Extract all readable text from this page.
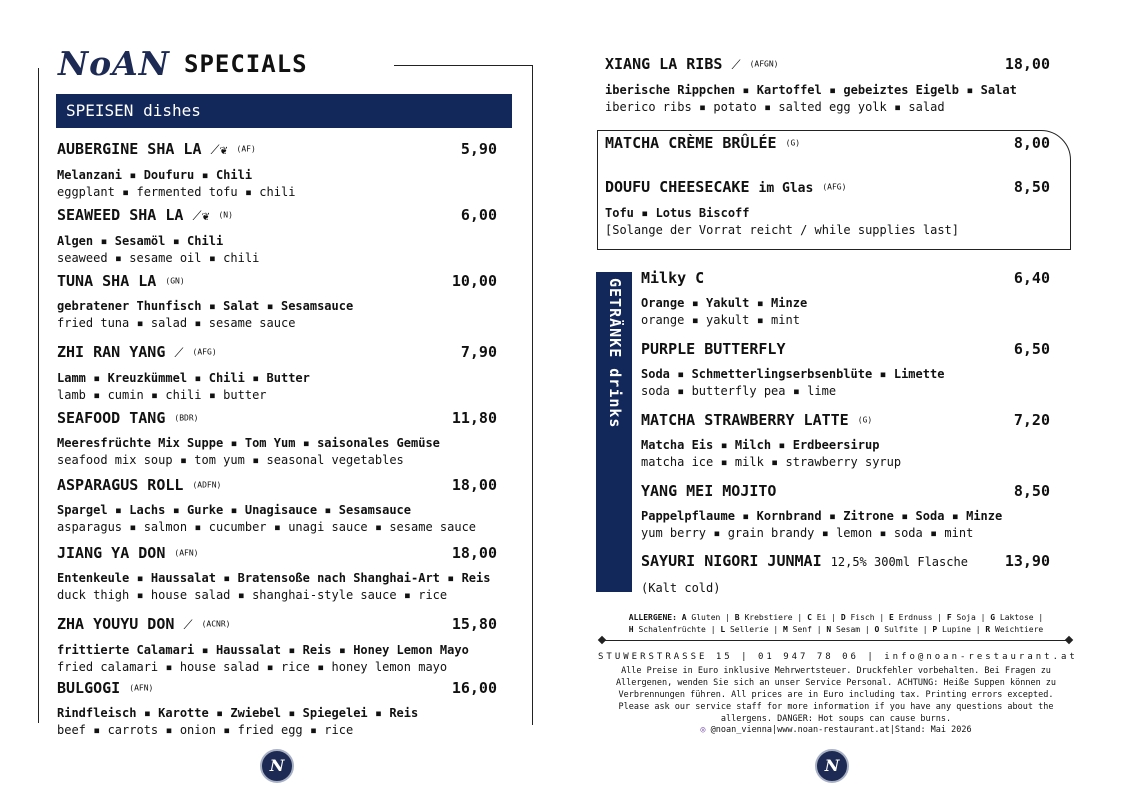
NoAN SPECIALS
SPEISEN dishes
AUBERGINE SHA LA ⟋❦ (AF)	5,90
Melanzani ▪ Doufuru ▪ Chili
eggplant ▪ fermented tofu ▪ chili
SEAWEED SHA LA ⟋❦ (N)	6,00
Algen ▪ Sesamöl ▪ Chili
seaweed ▪ sesame oil ▪ chili
TUNA SHA LA (GN)	10,00
gebratener Thunfisch ▪ Salat ▪ Sesamsauce
fried tuna ▪ salad ▪ sesame sauce
ZHI RAN YANG ⟋ (AFG)	7,90
Lamm ▪ Kreuzkümmel ▪ Chili ▪ Butter
lamb ▪ cumin ▪ chili ▪ butter
SEAFOOD TANG (BDR)	11,80
Meeresfrüchte Mix Suppe ▪ Tom Yum ▪ saisonales Gemüse
seafood mix soup ▪ tom yum ▪ seasonal vegetables
ASPARAGUS ROLL (ADFN)	18,00
Spargel ▪ Lachs ▪ Gurke ▪ Unagisauce ▪ Sesamsauce
asparagus ▪ salmon ▪ cucumber ▪ unagi sauce ▪ sesame sauce
JIANG YA DON (AFN)	18,00
Entenkeule ▪ Haussalat ▪ Bratensoße nach Shanghai-Art ▪ Reis
duck thigh ▪ house salad ▪ shanghai-style sauce ▪ rice
ZHA YOUYU DON ⟋ (ACNR)	15,80
frittierte Calamari ▪ Haussalat ▪ Reis ▪ Honey Lemon Mayo
fried calamari ▪ house salad ▪ rice ▪ honey lemon mayo
BULGOGI (AFN)	16,00
Rindfleisch ▪ Karotte ▪ Zwiebel ▪ Spiegelei ▪ Reis
beef ▪ carrots ▪ onion ▪ fried egg ▪ rice
XIANG LA RIBS ⟋ (AFGN)	18,00
iberische Rippchen ▪ Kartoffel ▪ gebeiztes Eigelb ▪ Salat
iberico ribs ▪ potato ▪ salted egg yolk ▪ salad
MATCHA CRÈME BRÛLÉE (G)	8,00
DOUFU CHEESECAKE im Glas (AFG)	8,50
Tofu ▪ Lotus Biscoff
[Solange der Vorrat reicht / while supplies last]
GETRÄNKE drinks Milky C	6,40
Orange ▪ Yakult ▪ Minze
orange ▪ yakult ▪ mint
PURPLE BUTTERFLY	6,50
Soda ▪ Schmetterlingserbsenblüte ▪ Limette
soda ▪ butterfly pea ▪ lime
MATCHA STRAWBERRY LATTE (G)	7,20
Matcha Eis ▪ Milch ▪ Erdbeersirup
matcha ice ▪ milk ▪ strawberry syrup
YANG MEI MOJITO	8,50
Pappelpflaume ▪ Kornbrand ▪ Zitrone ▪ Soda ▪ Minze
yum berry ▪ grain brandy ▪ lemon ▪ soda ▪ mint
SAYURI NIGORI JUNMAI 12,5% 300ml Flasche	13,90
(Kalt cold)
ALLERGENE: A Gluten | B Krebstiere | C Ei | D Fisch | E Erdnuss | F Soja | G Laktose |
H Schalenfrüchte | L Sellerie | M Senf | N Sesam | O Sulfite | P Lupine | R Weichtiere
STUWERSTRASSE 15 | 01 947 78 06 | info@noan-restaurant.at
Alle Preise in Euro inklusive Mehrwertsteuer. Druckfehler vorbehalten. Bei Fragen zu Allergenen, wenden Sie sich an unser Service Personal. ACHTUNG: Heiße Suppen können zu Verbrennungen führen. All prices are in Euro including tax. Printing errors excepted. Please ask our service staff for more information if you have any questions about the allergens. DANGER: Hot soups can cause burns.
◎ @noan_vienna|www.noan-restaurant.at|Stand: Mai 2026
N	N
